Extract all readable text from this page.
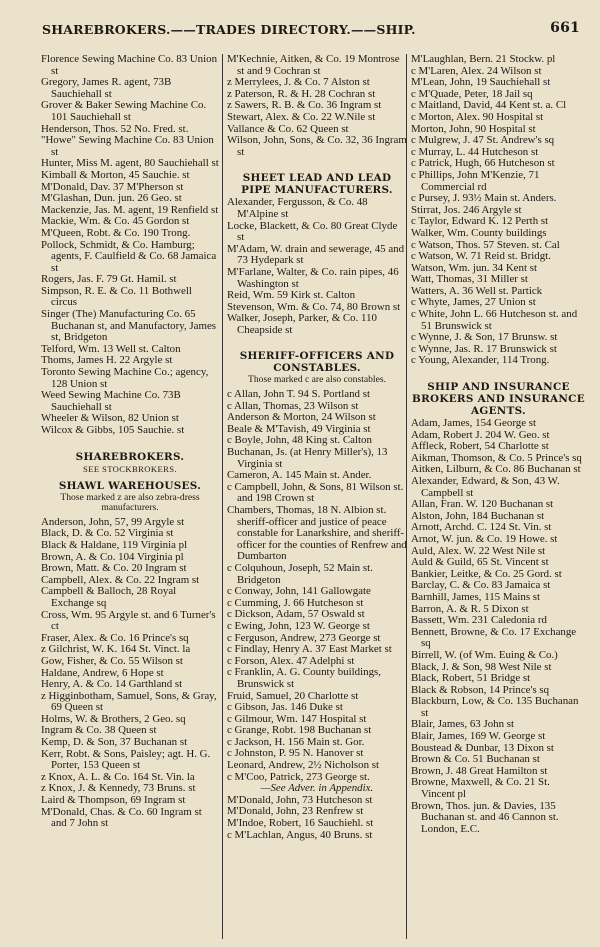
SHAREBROKERS.——TRADES DIRECTORY.——SHIP.	661
Florence Sewing Machine Co. 83 Union st
Gregory, James R. agent, 73B Sauchiehall st
Grover & Baker Sewing Machine Co. 101 Sauchiehall st
Henderson, Thos. 52 No. Fred. st.
"Howe" Sewing Machine Co. 83 Union st
Hunter, Miss M. agent, 80 Sauchiehall st
Kimball & Morton, 45 Sauchie. st
M'Donald, Dav. 37 M'Pherson st
M'Glashan, Dun. jun. 26 Geo. st
Mackenzie, Jas. M. agent, 19 Renfield st
Mackie, Wm. & Co. 45 Gordon st
M'Queen, Robt. & Co. 190 Trong.
Pollock, Schmidt, & Co. Hamburg; agents, F. Caulfield & Co. 68 Jamaica st
Rogers, Jas. F. 79 Gt. Hamil. st
Simpson, R. E. & Co. 11 Bothwell circus
Singer (The) Manufacturing Co. 65 Buchanan st, and Manufactory, James st, Bridgeton
Telford, Wm. 13 Well st. Calton
Thoms, James H. 22 Argyle st
Toronto Sewing Machine Co.; agency, 128 Union st
Weed Sewing Machine Co. 73B Sauchiehall st
Wheeler & Wilson, 82 Union st
Wilcox & Gibbs, 105 Sauchie. st
SHAREBROKERS.
SEE STOCKBROKERS.
SHAWL WAREHOUSES.
Those marked z are also zebra-dress manufacturers.
Anderson, John, 57, 99 Argyle st
Black, D. & Co. 52 Virginia st
Black & Haldane, 119 Virginia pl
Brown, A. & Co. 104 Virginia pl
Brown, Matt. & Co. 20 Ingram st
Campbell, Alex. & Co. 22 Ingram st
Campbell & Balloch, 28 Royal Exchange sq
Cross, Wm. 95 Argyle st. and 6 Turner's ct
Fraser, Alex. & Co. 16 Prince's sq
z Gilchrist, W. K. 164 St. Vinct. la
Gow, Fisher, & Co. 55 Wilson st
Haldane, Andrew, 6 Hope st
Henry, A. & Co. 14 Garthland st
z Higginbotham, Samuel, Sons, & Gray, 69 Queen st
Holms, W. & Brothers, 2 Geo. sq
Ingram & Co. 38 Queen st
Kemp, D. & Son, 37 Buchanan st
Kerr, Robt. & Sons, Paisley; agt. H. G. Porter, 153 Queen st
z Knox, A. L. & Co. 164 St. Vin. la
z Knox, J. & Kennedy, 73 Bruns. st
Laird & Thompson, 69 Ingram st
M'Donald, Chas. & Co. 60 Ingram st and 7 John st
M'Kechnie, Aitken, & Co. 19 Montrose st and 9 Cochran st
z Merrylees, J. & Co. 7 Alston st
z Paterson, R. & H. 28 Cochran st
z Sawers, R. B. & Co. 36 Ingram st
Stewart, Alex. & Co. 22 W.Nile st
Vallance & Co. 62 Queen st
Wilson, John, Sons, & Co. 32, 36 Ingram st
SHEET LEAD AND LEAD PIPE MANUFACTURERS.
Alexander, Fergusson, & Co. 48 M'Alpine st
Locke, Blackett, & Co. 80 Great Clyde st
M'Adam, W. drain and sewerage, 45 and 73 Hydepark st
M'Farlane, Walter, & Co. rain pipes, 46 Washington st
Reid, Wm. 59 Kirk st. Calton
Stevenson, Wm. & Co. 74, 80 Brown st
Walker, Joseph, Parker, & Co. 110 Cheapside st
SHERIFF-OFFICERS AND CONSTABLES.
Those marked c are also constables.
c Allan, John T. 94 S. Portland st
c Allan, Thomas, 23 Wilson st
Anderson & Morton, 24 Wilson st
Beale & M'Tavish, 49 Virginia st
c Boyle, John, 48 King st. Calton
Buchanan, Js. (at Henry Miller's), 13 Virginia st
Cameron, A. 145 Main st. Ander.
c Campbell, John, & Sons, 81 Wilson st. and 198 Crown st
Chambers, Thomas, 18 N. Albion st. sheriff-officer and justice of peace constable for Lanarkshire, and sheriff-officer for the counties of Renfrew and Dumbarton
c Colquhoun, Joseph, 52 Main st. Bridgeton
c Conway, John, 141 Gallowgate
c Cumming, J. 66 Hutcheson st
c Dickson, Adam, 57 Oswald st
c Ewing, John, 123 W. George st
c Ferguson, Andrew, 273 George st
c Findlay, Henry A. 37 East Market st
c Forson, Alex. 47 Adelphi st
c Franklin, A. G. County buildings, Brunswick st
Fruid, Samuel, 20 Charlotte st
c Gibson, Jas. 146 Duke st
c Gilmour, Wm. 147 Hospital st
c Grange, Robt. 198 Buchanan st
c Jackson, H. 156 Main st. Gor.
c Johnston, P. 95 N. Hanover st
Leonard, Andrew, 2½ Nicholson st
c M'Coo, Patrick, 273 George st.
—See Adver. in Appendix.
M'Donald, John, 73 Hutcheson st
M'Donald, John, 23 Renfrew st
M'Indoe, Robert, 16 Sauchiehl. st
c M'Lachlan, Angus, 40 Bruns. st
M'Laughlan, Bern. 21 Stockw. pl
c M'Laren, Alex. 24 Wilson st
M'Lean, John, 19 Sauchiehall st
c M'Quade, Peter, 18 Jail sq
c Maitland, David, 44 Kent st. a. Cl
c Morton, Alex. 90 Hospital st
Morton, John, 90 Hospital st
c Mulgrew, J. 47 St. Andrew's sq
c Murray, L. 44 Hutcheson st
c Patrick, Hugh, 66 Hutcheson st
c Phillips, John M'Kenzie, 71 Commercial rd
c Pursey, J. 93½ Main st. Anders.
Stirrat, Jos. 246 Argyle st
c Taylor, Edward K. 12 Perth st
Walker, Wm. County buildings
c Watson, Thos. 57 Steven. st. Cal
c Watson, W. 71 Reid st. Bridgt.
Watson, Wm. jun. 34 Kent st
Watt, Thomas, 31 Miller st
Watters, A. 36 Well st. Partick
c Whyte, James, 27 Union st
c White, John L. 66 Hutcheson st. and 51 Brunswick st
c Wynne, J. & Son, 17 Brunsw. st
c Wynne, Jas. R. 17 Brunswick st
c Young, Alexander, 114 Trong.
SHIP AND INSURANCE BROKERS AND INSURANCE AGENTS.
Adam, James, 154 George st
Adam, Robert J. 204 W. Geo. st
Affleck, Robert, 54 Charlotte st
Aikman, Thomson, & Co. 5 Prince's sq
Aitken, Lilburn, & Co. 86 Buchanan st
Alexander, Edward, & Son, 43 W. Campbell st
Allan, Fran. W. 120 Buchanan st
Alston, John, 184 Buchanan st
Arnott, Archd. C. 124 St. Vin. st
Arnot, W. jun. & Co. 19 Howe. st
Auld, Alex. W. 22 West Nile st
Auld & Guild, 65 St. Vincent st
Bankier, Leitke, & Co. 25 Gord. st
Barclay, C. & Co. 83 Jamaica st
Barnhill, James, 115 Mains st
Barron, A. & R. 5 Dixon st
Bassett, Wm. 231 Caledonia rd
Bennett, Browne, & Co. 17 Exchange sq
Birrell, W. (of Wm. Euing & Co.)
Black, J. & Son, 98 West Nile st
Black, Robert, 51 Bridge st
Black & Robson, 14 Prince's sq
Blackburn, Low, & Co. 135 Buchanan st
Blair, James, 63 John st
Blair, James, 169 W. George st
Boustead & Dunbar, 13 Dixon st
Brown & Co. 51 Buchanan st
Brown, J. 48 Great Hamilton st
Browne, Maxwell, & Co. 21 St. Vincent pl
Brown, Thos. jun. & Davies, 135 Buchanan st. and 46 Cannon st. London, E.C.
